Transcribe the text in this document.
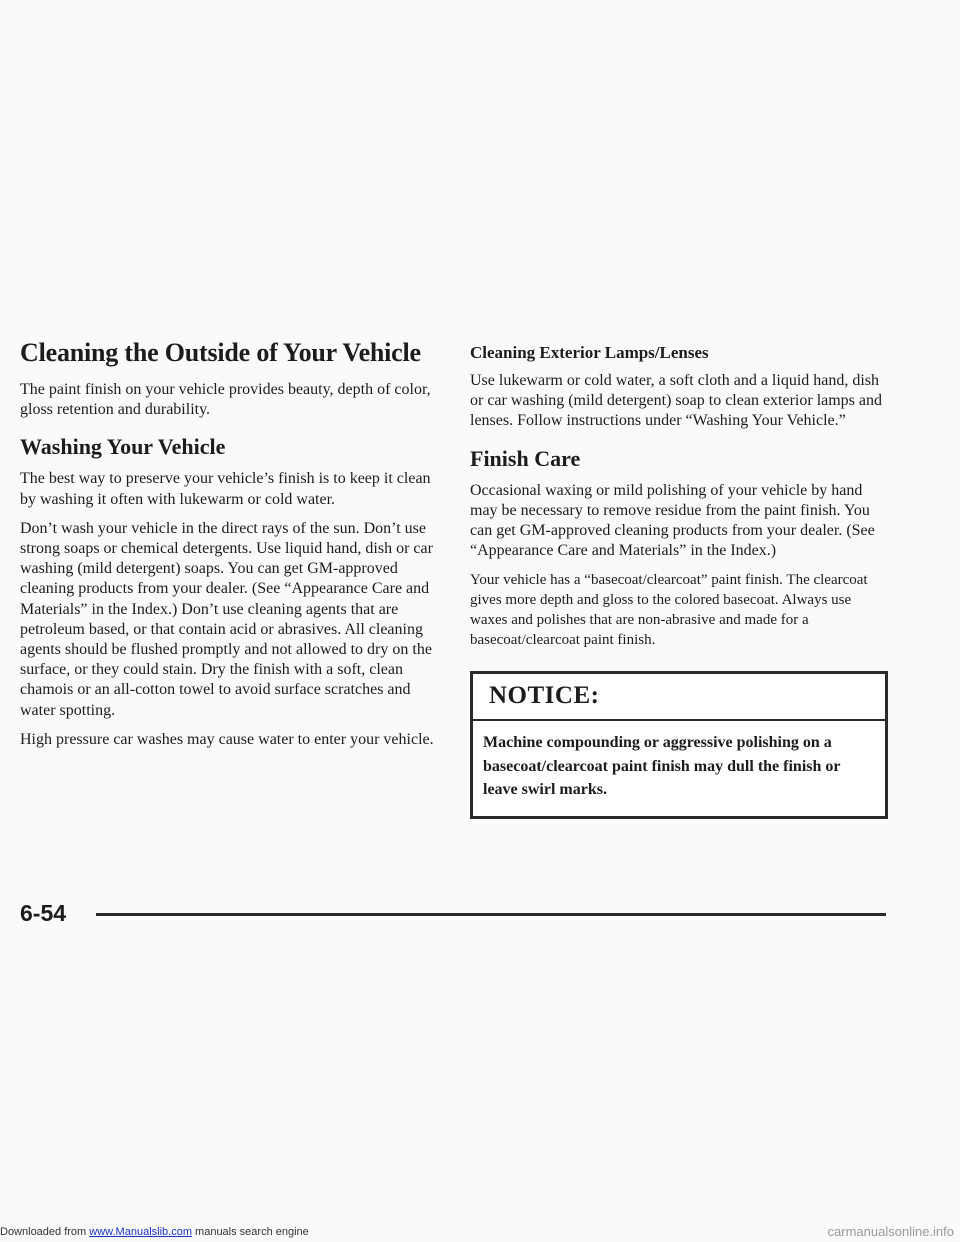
Cleaning the Outside of Your Vehicle

The paint finish on your vehicle provides beauty, depth of color, gloss retention and durability.

Washing Your Vehicle

The best way to preserve your vehicle’s finish is to keep it clean by washing it often with lukewarm or cold water.

Don’t wash your vehicle in the direct rays of the sun. Don’t use strong soaps or chemical detergents. Use liquid hand, dish or car washing (mild detergent) soaps. You can get GM-approved cleaning products from your dealer. (See “Appearance Care and Materials” in the Index.) Don’t use cleaning agents that are petroleum based, or that contain acid or abrasives. All cleaning agents should be flushed promptly and not allowed to dry on the surface, or they could stain. Dry the finish with a soft, clean chamois or an all-cotton towel to avoid surface scratches and water spotting.

High pressure car washes may cause water to enter your vehicle.

Cleaning Exterior Lamps/Lenses

Use lukewarm or cold water, a soft cloth and a liquid hand, dish or car washing (mild detergent) soap to clean exterior lamps and lenses. Follow instructions under “Washing Your Vehicle.”

Finish Care

Occasional waxing or mild polishing of your vehicle by hand may be necessary to remove residue from the paint finish. You can get GM-approved cleaning products from your dealer. (See “Appearance Care and Materials” in the Index.)

Your vehicle has a “basecoat/clearcoat” paint finish. The clearcoat gives more depth and gloss to the colored basecoat. Always use waxes and polishes that are non-abrasive and made for a basecoat/clearcoat paint finish.

NOTICE:
Machine compounding or aggressive polishing on a basecoat/clearcoat paint finish may dull the finish or leave swirl marks.
6-54
Downloaded from www.Manualslib.com manuals search engine	carmanualsonline.info
